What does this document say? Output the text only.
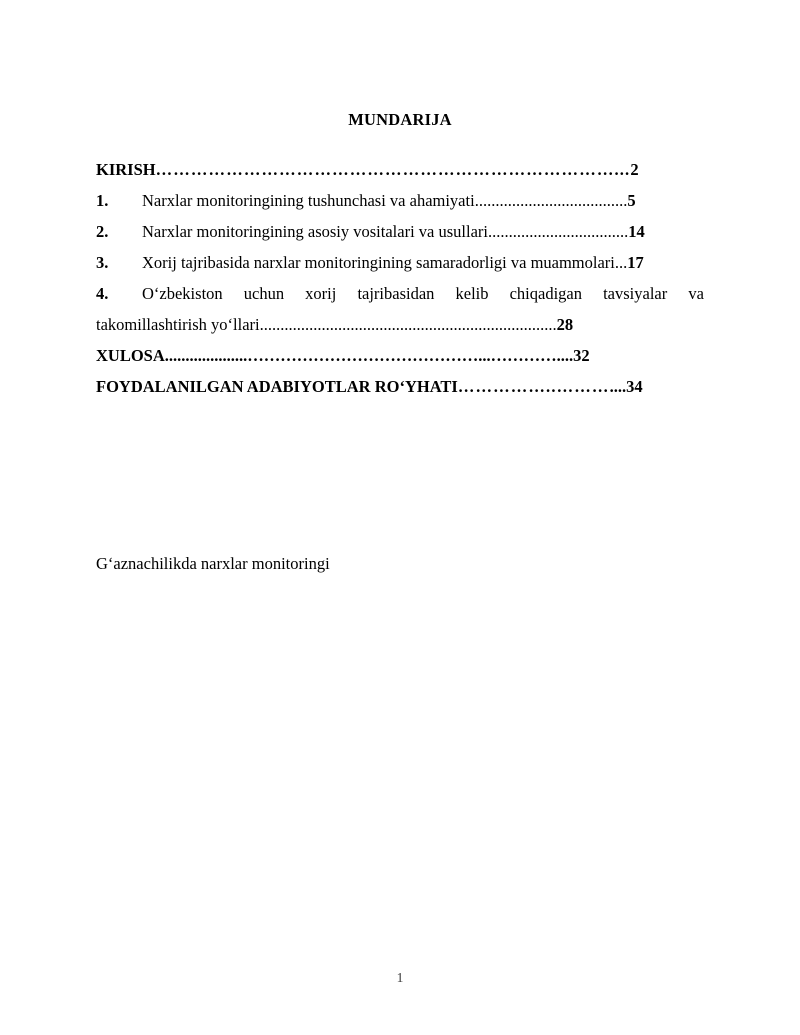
MUNDARIJA
KIRISH……………………………………………………………………...2
1. Narxlar monitoringining tushunchasi va ahamiyati.....................................5
2. Narxlar monitoringining asosiy vositalari va usullari..................................14
3. Xorij tajribasida narxlar monitoringining samaradorligi va muammolari...17
4.	O‘zbekiston uchun xorij tajribasidan kelib chiqadigan tavsiyalar va
takomillashtirish yo‘llari........................................................................28
XULOSA....................……………………………………...…………....32
FOYDALANILGAN ADABIYOTLAR RO‘YHATI……………..………....34
G‘aznachilikda narxlar monitoringi
1
